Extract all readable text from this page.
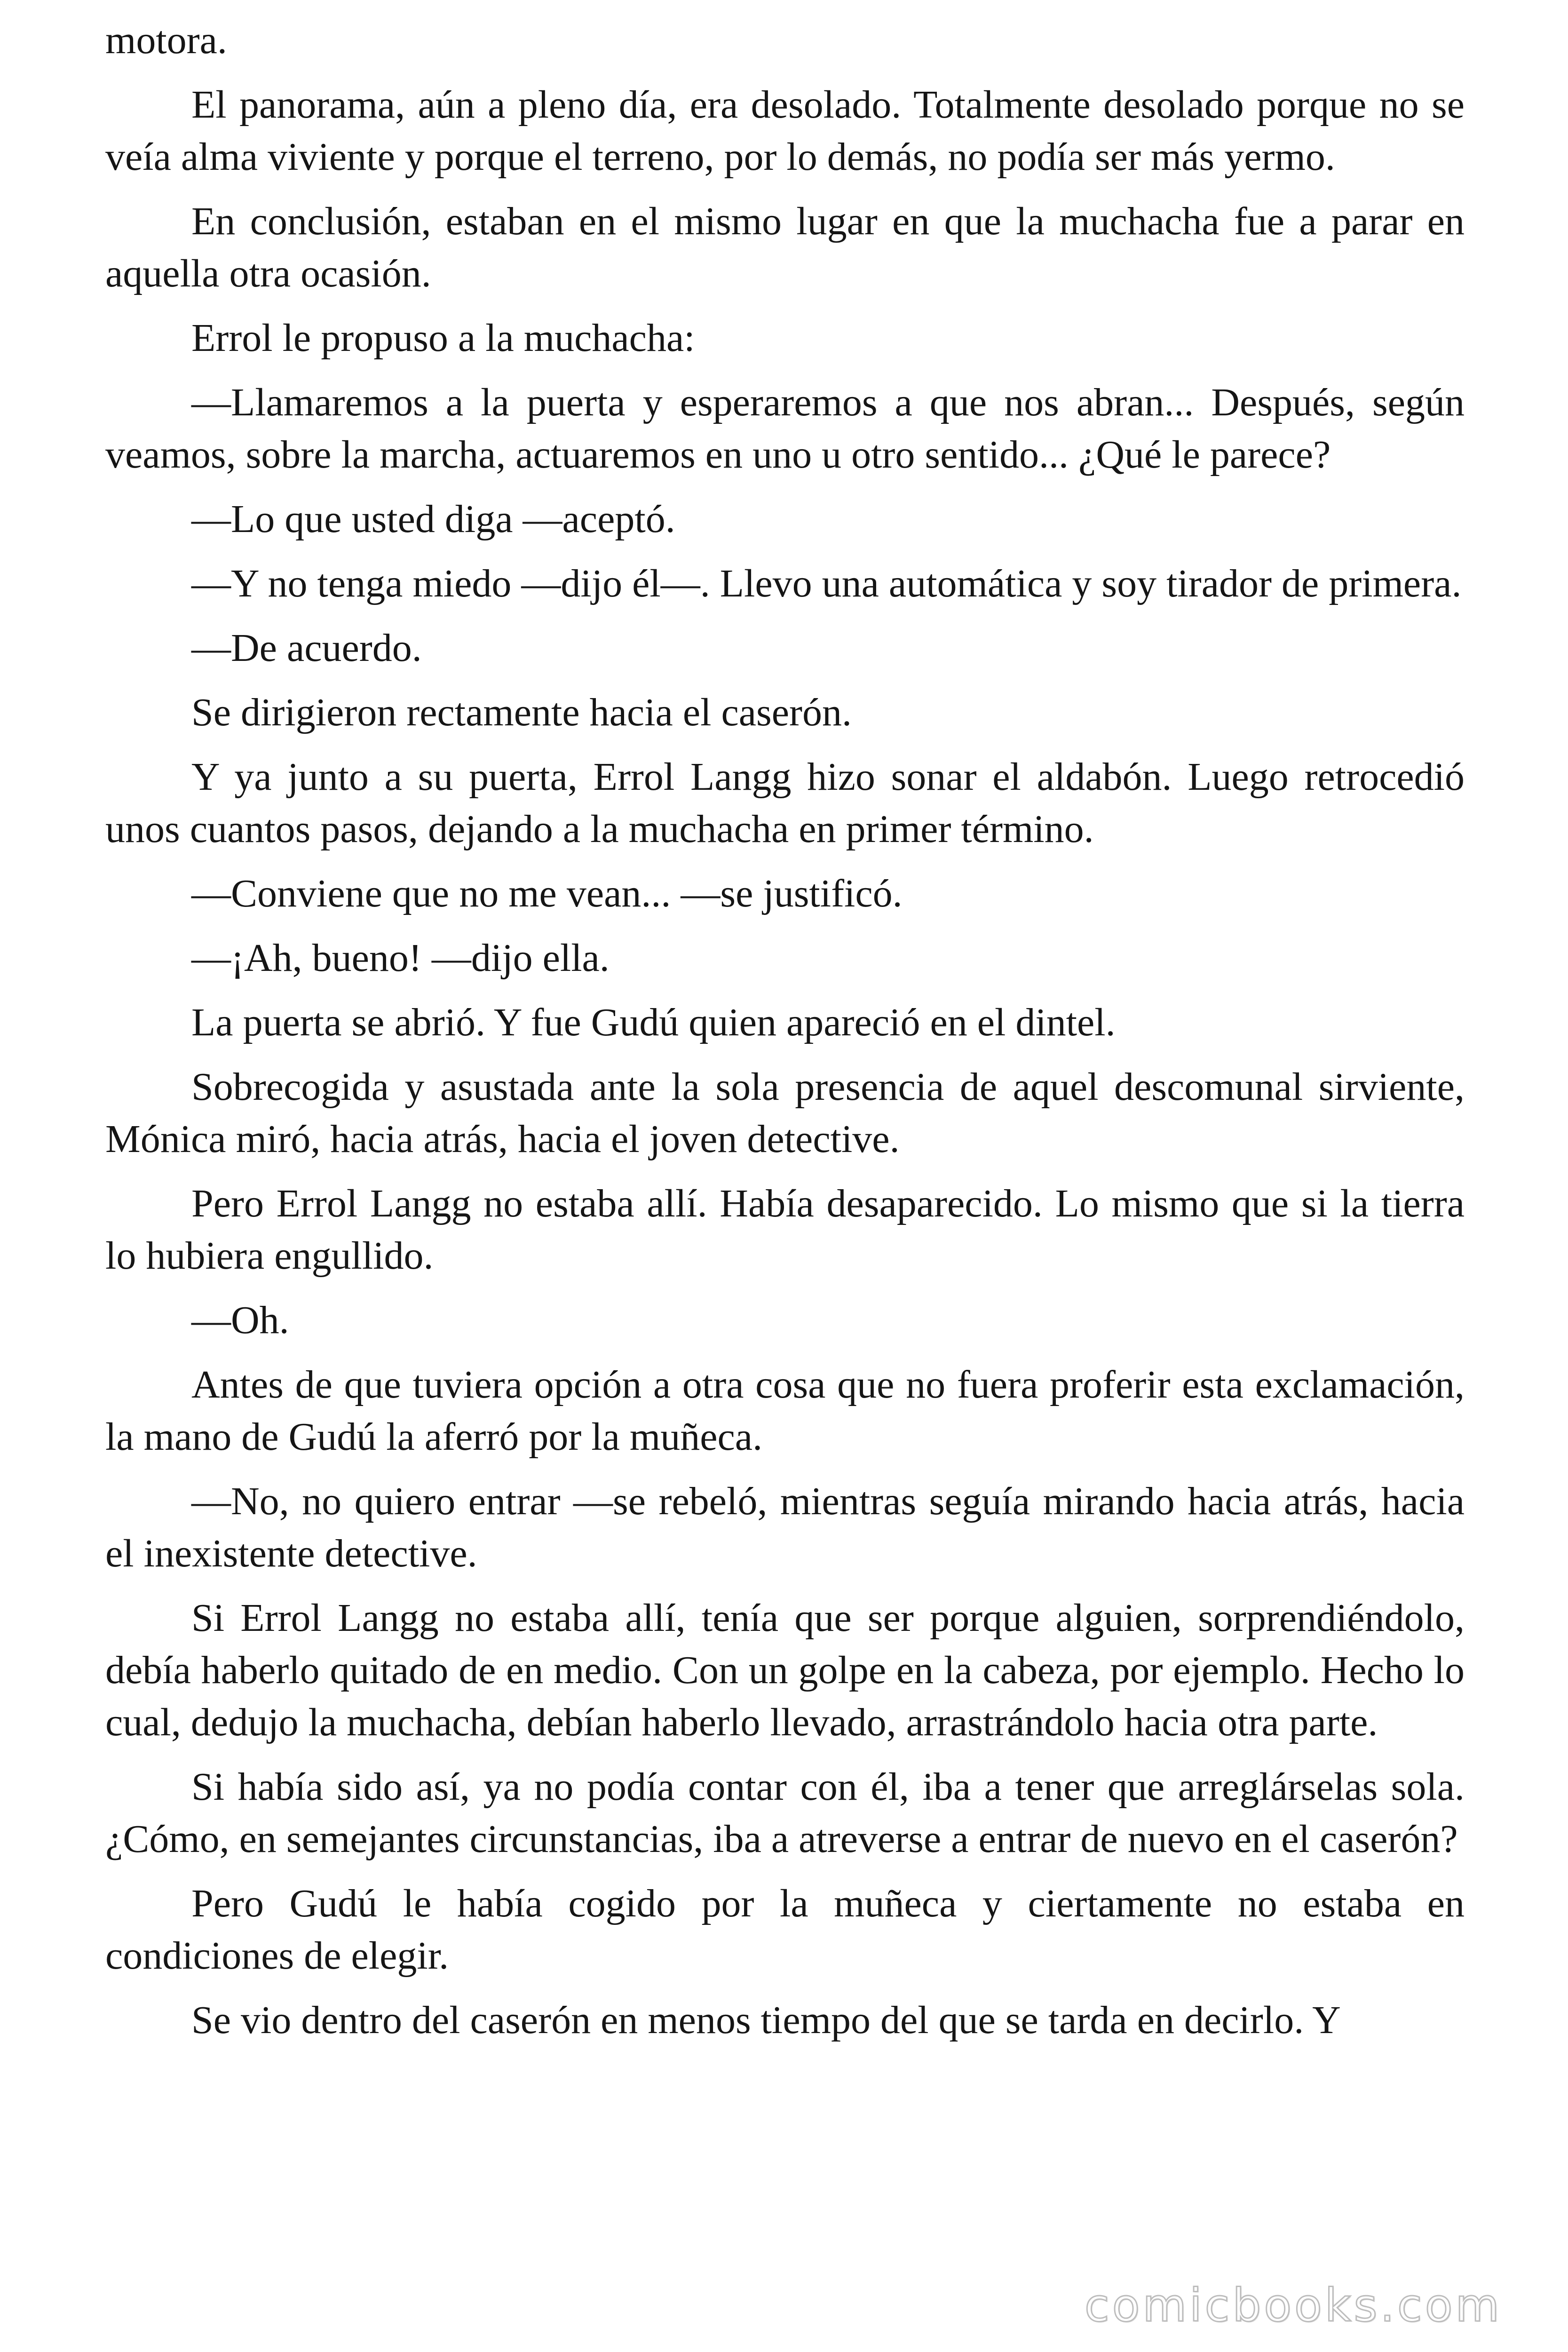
motora.

El panorama, aún a pleno día, era desolado. Totalmente desolado porque no se veía alma viviente y porque el terreno, por lo demás, no podía ser más yermo.

En conclusión, estaban en el mismo lugar en que la muchacha fue a parar en aquella otra ocasión.

Errol le propuso a la muchacha:

—Llamaremos a la puerta y esperaremos a que nos abran... Después, según veamos, sobre la marcha, actuaremos en uno u otro sentido... ¿Qué le parece?

—Lo que usted diga —aceptó.

—Y no tenga miedo —dijo él—. Llevo una automática y soy tirador de primera.

—De acuerdo.

Se dirigieron rectamente hacia el caserón.

Y ya junto a su puerta, Errol Langg hizo sonar el aldabón. Luego retrocedió unos cuantos pasos, dejando a la muchacha en primer término.

—Conviene que no me vean... —se justificó.

—¡Ah, bueno! —dijo ella.

La puerta se abrió. Y fue Gudú quien apareció en el dintel.

Sobrecogida y asustada ante la sola presencia de aquel descomunal sirviente, Mónica miró, hacia atrás, hacia el joven detective.

Pero Errol Langg no estaba allí. Había desaparecido. Lo mismo que si la tierra lo hubiera engullido.

—Oh.

Antes de que tuviera opción a otra cosa que no fuera proferir esta exclamación, la mano de Gudú la aferró por la muñeca.

—No, no quiero entrar —se rebeló, mientras seguía mirando hacia atrás, hacia el inexistente detective.

Si Errol Langg no estaba allí, tenía que ser porque alguien, sorprendiéndolo, debía haberlo quitado de en medio. Con un golpe en la cabeza, por ejemplo. Hecho lo cual, dedujo la muchacha, debían haberlo llevado, arrastrándolo hacia otra parte.

Si había sido así, ya no podía contar con él, iba a tener que arreglárselas sola. ¿Cómo, en semejantes circunstancias, iba a atreverse a entrar de nuevo en el caserón?

Pero Gudú le había cogido por la muñeca y ciertamente no estaba en condiciones de elegir.

Se vio dentro del caserón en menos tiempo del que se tarda en decirlo. Y

comicbooks.com
